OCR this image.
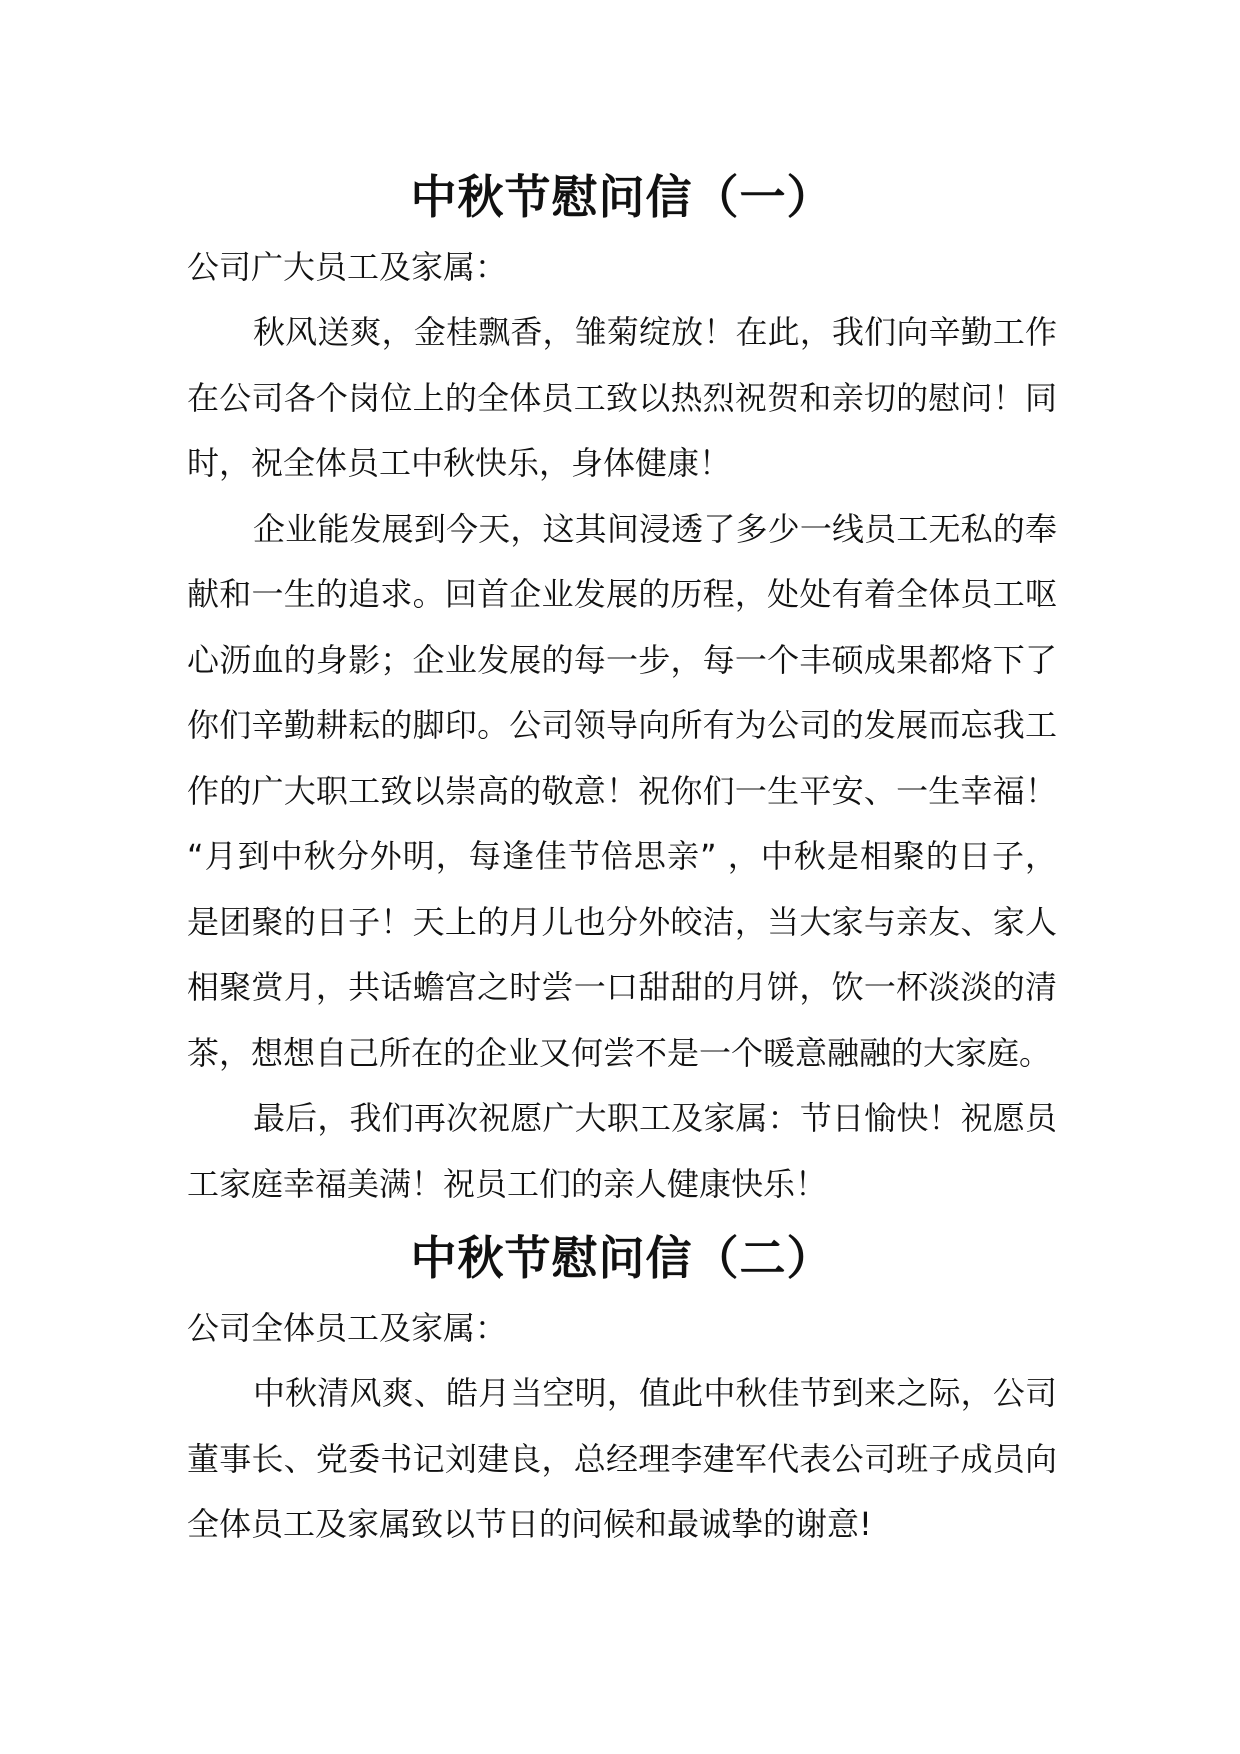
中秋节慰问信（一）

公司广大员工及家属：

秋风送爽，金桂飘香，雏菊绽放！在此，我们向辛勤工作在公司各个岗位上的全体员工致以热烈祝贺和亲切的慰问！同时，祝全体员工中秋快乐，身体健康！

企业能发展到今天，这其间浸透了多少一线员工无私的奉献和一生的追求。回首企业发展的历程，处处有着全体员工呕心沥血的身影；企业发展的每一步，每一个丰硕成果都烙下了你们辛勤耕耘的脚印。公司领导向所有为公司的发展而忘我工作的广大职工致以崇高的敬意！祝你们一生平安、一生幸福！ “月到中秋分外明，每逢佳节倍思亲” ，中秋是相聚的日子，是团聚的日子！天上的月儿也分外皎洁，当大家与亲友、家人相聚赏月，共话蟾宫之时尝一口甜甜的月饼，饮一杯淡淡的清茶，想想自己所在的企业又何尝不是一个暖意融融的大家庭。

最后，我们再次祝愿广大职工及家属：节日愉快！祝愿员工家庭幸福美满！祝员工们的亲人健康快乐！

中秋节慰问信（二）

公司全体员工及家属：

中秋清风爽、皓月当空明，值此中秋佳节到来之际，公司董事长、党委书记刘建良，总经理李建军代表公司班子成员向全体员工及家属致以节日的问候和最诚挚的谢意!
